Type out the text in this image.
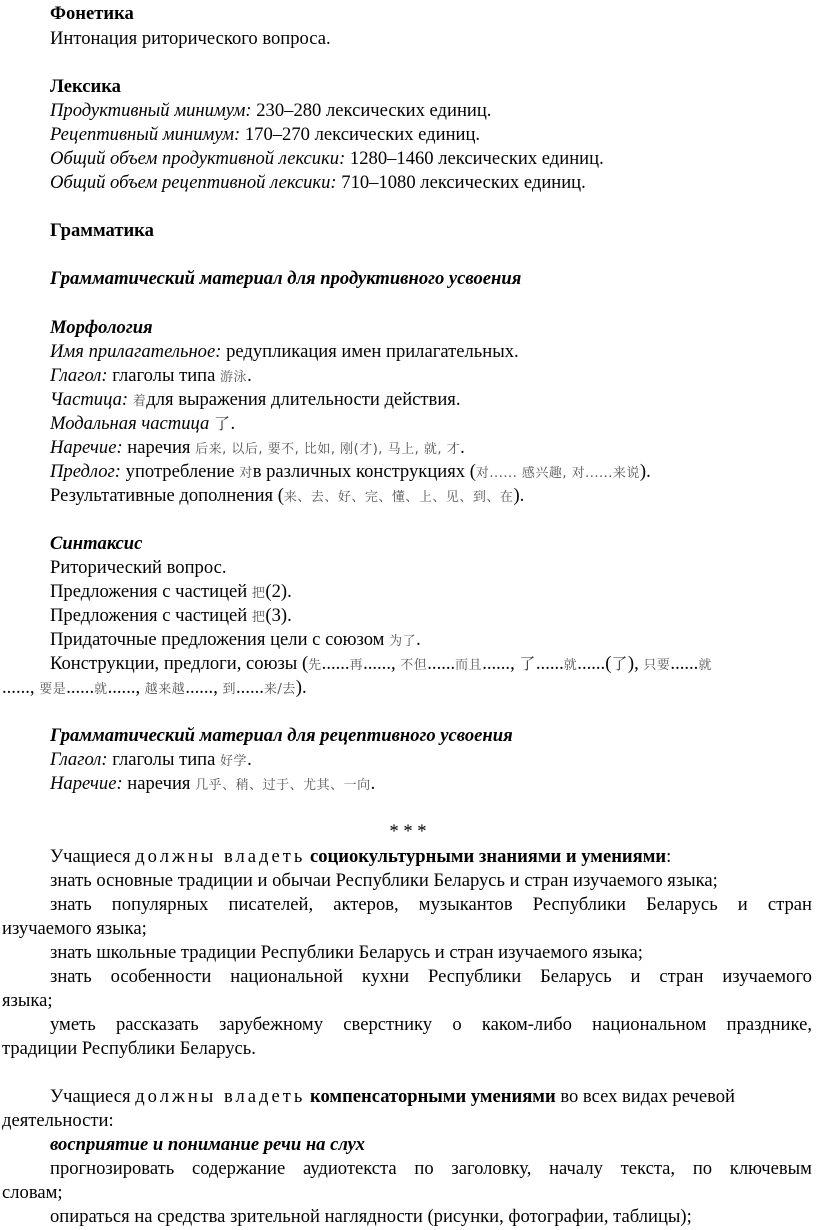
Фонетика
Интонация риторического вопроса.
Лексика
Продуктивный минимум: 230–280 лексических единиц.
Рецептивный минимум: 170–270 лексических единиц.
Общий объем продуктивной лексики: 1280–1460 лексических единиц.
Общий объем рецептивной лексики: 710–1080 лексических единиц.
Грамматика
Грамматический материал для продуктивного усвоения
Морфология
Имя прилагательное: редупликация имен прилагательных.
Глагол: глаголы типа 游泳.
Частица: 着для выражения длительности действия.
Модальная частица 了.
Наречие: наречия 后来, 以后, 要不, 比如, 刚(才), 马上, 就, 才.
Предлог: употребление 对в различных конструкциях (对...... 感兴趣, 对......来说).
Результативные дополнения (来、去、好、完、懂、上、见、到、在).
Синтаксис
Риторический вопрос.
Предложения с частицей 把(2).
Предложения с частицей 把(3).
Придаточные предложения цели с союзом 为了.
Конструкции, предлоги, союзы (先......再......, 不但......而且......, 了......就......(了), 只要......就
......, 要是......就......, 越来越......, 到......来/去).
Грамматический материал для рецептивного усвоения
Глагол: глаголы типа 好学.
Наречие: наречия 几乎、稍、过于、尤其、一向.
* * *
Учащиеся должны владеть социокультурными знаниями и умениями:
знать основные традиции и обычаи Республики Беларусь и стран изучаемого языка;
знать популярных писателей, актеров, музыкантов Республики Беларусь и стран
изучаемого языка;
знать школьные традиции Республики Беларусь и стран изучаемого языка;
знать особенности национальной кухни Республики Беларусь и стран изучаемого
языка;
уметь рассказать зарубежному сверстнику о каком-либо национальном празднике,
традиции Республики Беларусь.
Учащиеся должны владеть компенсаторными умениями во всех видах речевой
деятельности:
восприятие и понимание речи на слух
прогнозировать содержание аудиотекста по заголовку, началу текста, по ключевым
словам;
опираться на средства зрительной наглядности (рисунки, фотографии, таблицы);
